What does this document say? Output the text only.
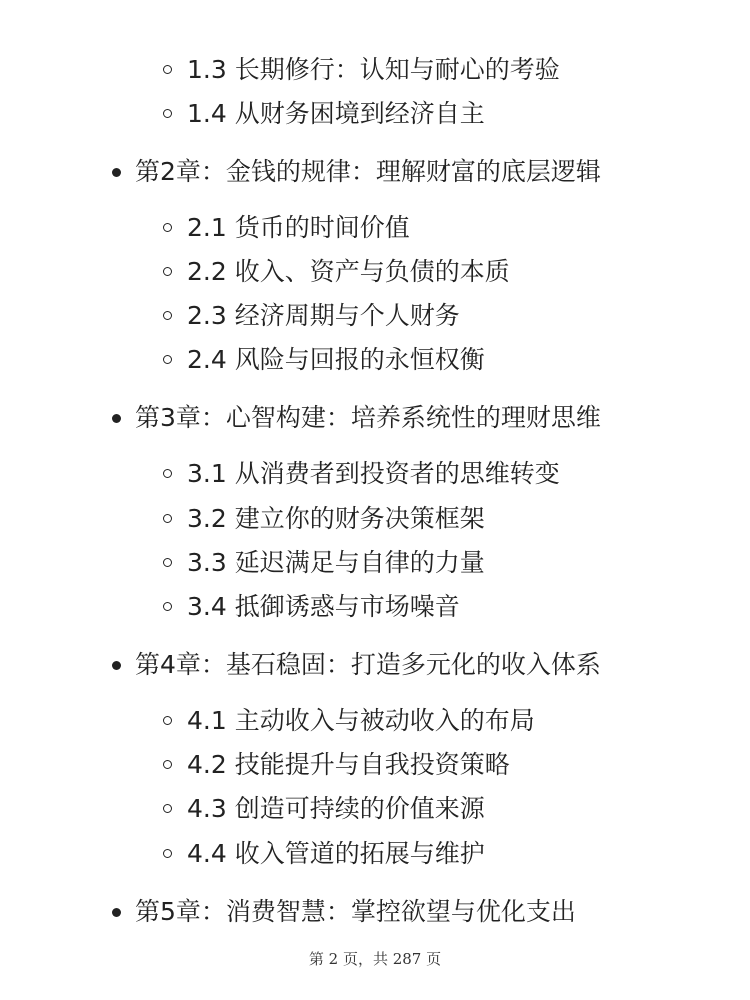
1.3 长期修行：认知与耐心的考验
1.4 从财务困境到经济自主
第2章：金钱的规律：理解财富的底层逻辑
2.1 货币的时间价值
2.2 收入、资产与负债的本质
2.3 经济周期与个人财务
2.4 风险与回报的永恒权衡
第3章：心智构建：培养系统性的理财思维
3.1 从消费者到投资者的思维转变
3.2 建立你的财务决策框架
3.3 延迟满足与自律的力量
3.4 抵御诱惑与市场噪音
第4章：基石稳固：打造多元化的收入体系
4.1 主动收入与被动收入的布局
4.2 技能提升与自我投资策略
4.3 创造可持续的价值来源
4.4 收入管道的拓展与维护
第5章：消费智慧：掌控欲望与优化支出
第 2 页，共 287 页
